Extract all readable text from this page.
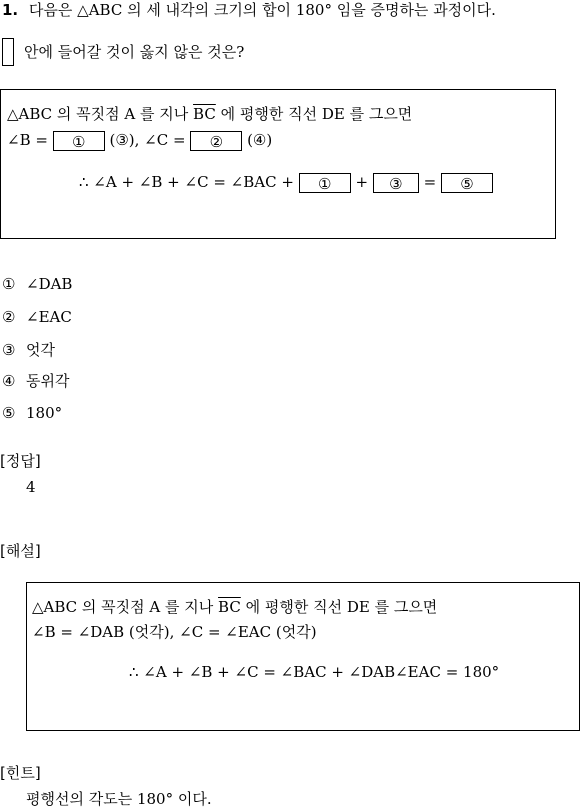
1. 다음은 △ABC 의 세 내각의 크기의 합이 180° 임을 증명하는 과정이다.
안에 들어갈 것이 옳지 않은 것은?
△ABC 의 꼭짓점 A 를 지나 $\overline{BC}$ 에 평행한 직선 DE 를 그으면
∠B = ① (③), ∠C = ② (④)
∴ ∠A + ∠B + ∠C = ∠BAC + ① + ③ = ⑤
① ∠DAB
② ∠EAC
③ 엇각
④ 동위각
⑤ 180°
[정답]
4
[해설]
△ABC 의 꼭짓점 A 를 지나 $\overline{BC}$ 에 평행한 직선 DE 를 그으면
∠B = ∠DAB (엇각), ∠C = ∠EAC (엇각)
∴ ∠A + ∠B + ∠C = ∠BAC + ∠DAB∠EAC = 180°
[힌트]
평행선의 각도는 180° 이다.
